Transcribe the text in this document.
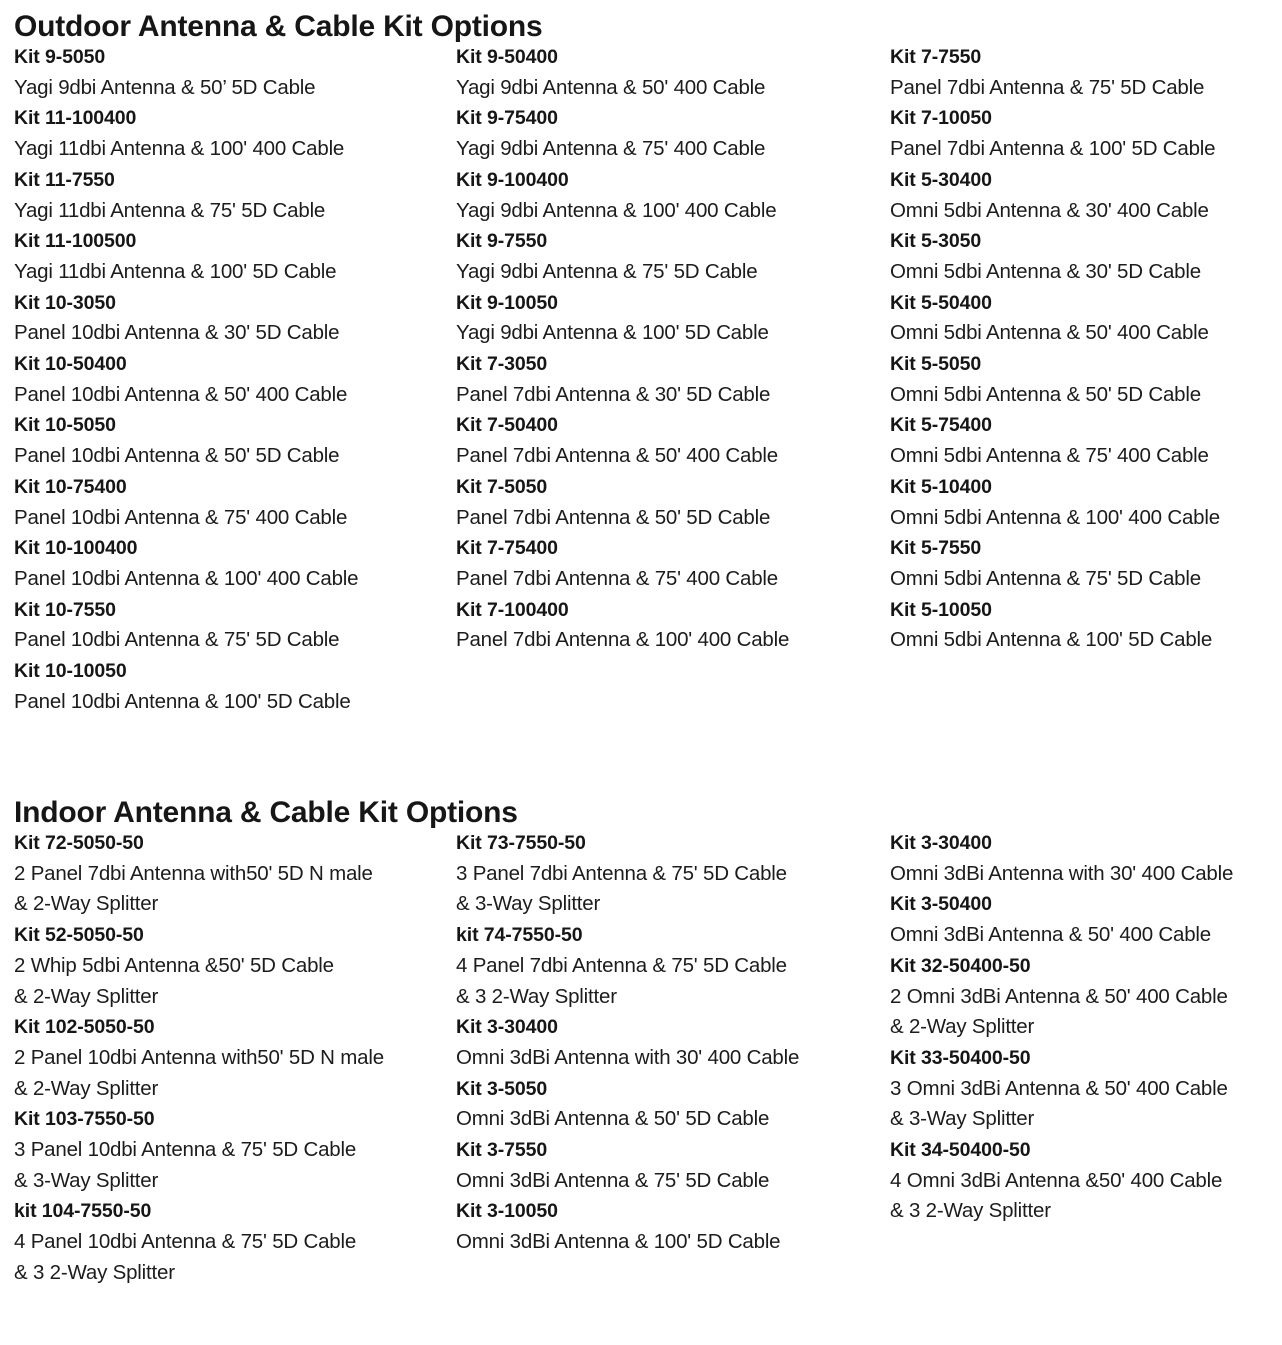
Outdoor Antenna & Cable Kit Options
Kit 9-5050
Yagi 9dbi Antenna & 50’ 5D Cable
Kit 11-100400
Yagi 11dbi Antenna & 100' 400 Cable
Kit 11-7550
Yagi 11dbi Antenna & 75' 5D Cable
Kit 11-100500
Yagi 11dbi Antenna & 100' 5D Cable
Kit 10-3050
Panel 10dbi Antenna & 30' 5D Cable
Kit 10-50400
Panel 10dbi Antenna & 50' 400 Cable
Kit 10-5050
Panel 10dbi Antenna & 50' 5D Cable
Kit 10-75400
Panel 10dbi Antenna & 75' 400 Cable
Kit 10-100400
Panel 10dbi Antenna & 100' 400 Cable
Kit 10-7550
Panel 10dbi Antenna & 75' 5D Cable
Kit 10-10050
Panel 10dbi Antenna & 100' 5D Cable
Kit 9-50400
Yagi 9dbi Antenna & 50' 400 Cable
Kit 9-75400
Yagi 9dbi Antenna & 75' 400 Cable
Kit 9-100400
Yagi 9dbi Antenna & 100' 400 Cable
Kit 9-7550
Yagi 9dbi Antenna & 75' 5D Cable
Kit 9-10050
Yagi 9dbi Antenna & 100' 5D Cable
Kit 7-3050
Panel 7dbi Antenna & 30' 5D Cable
Kit 7-50400
Panel 7dbi Antenna & 50' 400 Cable
Kit 7-5050
Panel 7dbi Antenna & 50' 5D Cable
Kit 7-75400
Panel 7dbi Antenna & 75' 400 Cable
Kit 7-100400
Panel 7dbi Antenna & 100' 400 Cable
Kit 7-7550
Panel 7dbi Antenna & 75' 5D Cable
Kit 7-10050
Panel 7dbi Antenna & 100' 5D Cable
Kit 5-30400
Omni 5dbi Antenna & 30' 400 Cable
Kit 5-3050
Omni 5dbi Antenna & 30' 5D Cable
Kit 5-50400
Omni 5dbi Antenna & 50' 400 Cable
Kit 5-5050
Omni 5dbi Antenna & 50' 5D Cable
Kit 5-75400
Omni 5dbi Antenna & 75' 400 Cable
Kit 5-10400
Omni 5dbi Antenna & 100' 400 Cable
Kit 5-7550
Omni 5dbi Antenna & 75' 5D Cable
Kit 5-10050
Omni 5dbi Antenna & 100' 5D Cable
Indoor Antenna & Cable Kit Options
Kit 72-5050-50
2 Panel 7dbi Antenna with50' 5D N male
& 2-Way Splitter
Kit 52-5050-50
2 Whip 5dbi Antenna &50' 5D Cable
& 2-Way Splitter
Kit 102-5050-50
2 Panel 10dbi Antenna with50' 5D N male
& 2-Way Splitter
Kit 103-7550-50
3 Panel 10dbi Antenna & 75' 5D Cable
& 3-Way Splitter
kit 104-7550-50
4 Panel 10dbi Antenna & 75' 5D Cable
& 3 2-Way Splitter
Kit 73-7550-50
3 Panel 7dbi Antenna & 75' 5D Cable
& 3-Way Splitter
kit 74-7550-50
4 Panel 7dbi Antenna & 75' 5D Cable
& 3 2-Way Splitter
Kit 3-30400
Omni 3dBi Antenna with 30' 400 Cable
Kit 3-5050
Omni 3dBi Antenna & 50' 5D Cable
Kit 3-7550
Omni 3dBi Antenna & 75' 5D Cable
Kit 3-10050
Omni 3dBi Antenna & 100' 5D Cable
Kit 3-30400
Omni 3dBi Antenna with 30' 400 Cable
Kit 3-50400
Omni 3dBi Antenna & 50' 400 Cable
Kit 32-50400-50
2 Omni 3dBi Antenna & 50' 400 Cable
& 2-Way Splitter
Kit 33-50400-50
3 Omni 3dBi Antenna & 50' 400 Cable
& 3-Way Splitter
Kit 34-50400-50
4 Omni 3dBi Antenna &50' 400 Cable
& 3 2-Way Splitter
